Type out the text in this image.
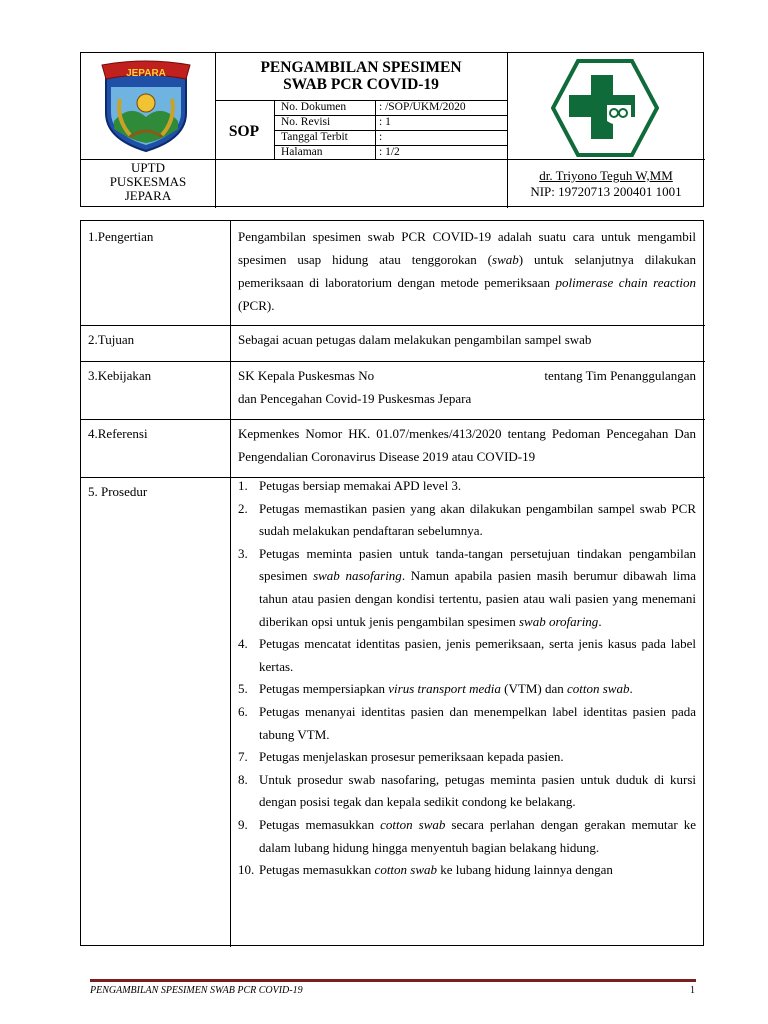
JEPARA	PENGAMBILAN SPESIMEN
SWAB PCR COVID-19
SOP
No. Dokumen	: /SOP/UKM/2020
No. Revisi	: 1
Tanggal Terbit	:
Halaman	: 1/2
UPTD
PUSKESMAS
JEPARA
dr. Triyono Teguh W,MM
NIP: 19720713 200401 1001
1.Pengertian	Pengambilan spesimen swab PCR COVID-19 adalah suatu cara untuk mengambil spesimen usap hidung atau tenggorokan (swab) untuk selanjutnya dilakukan pemeriksaan di laboratorium dengan metode pemeriksaan polimerase chain reaction (PCR).

2.Tujuan	Sebagai acuan petugas dalam melakukan pengambilan sampel swab
3.Kebijakan	SK Kepala Puskesmas No	tentang Tim Penanggulangan
dan Pencegahan Covid-19 Puskesmas Jepara
4.Referensi	Kepmenkes Nomor HK. 01.07/menkes/413/2020 tentang Pedoman Pencegahan Dan Pengendalian Coronavirus Disease 2019 atau COVID-19
5. Prosedur	1. Petugas bersiap memakai APD level 3.
2. Petugas memastikan pasien yang akan dilakukan pengambilan sampel swab PCR sudah melakukan pendaftaran sebelumnya.
3. Petugas meminta pasien untuk tanda-tangan persetujuan tindakan pengambilan spesimen swab nasofaring. Namun apabila pasien masih berumur dibawah lima tahun atau pasien dengan kondisi tertentu, pasien atau wali pasien yang menemani diberikan opsi untuk jenis pengambilan spesimen swab orofaring.
4. Petugas mencatat identitas pasien, jenis pemeriksaan, serta jenis kasus pada label kertas.
5. Petugas mempersiapkan virus transport media (VTM) dan cotton swab.
6. Petugas menanyai identitas pasien dan menempelkan label identitas pasien pada tabung VTM.
7. Petugas menjelaskan prosesur pemeriksaan kepada pasien.
8. Untuk prosedur swab nasofaring, petugas meminta pasien untuk duduk di kursi dengan posisi tegak dan kepala sedikit condong ke belakang.
9. Petugas memasukkan cotton swab secara perlahan dengan gerakan memutar ke dalam lubang hidung hingga menyentuh bagian belakang hidung.
10. Petugas memasukkan cotton swab ke lubang hidung lainnya dengan
PENGAMBILAN SPESIMEN SWAB PCR COVID-19	1
